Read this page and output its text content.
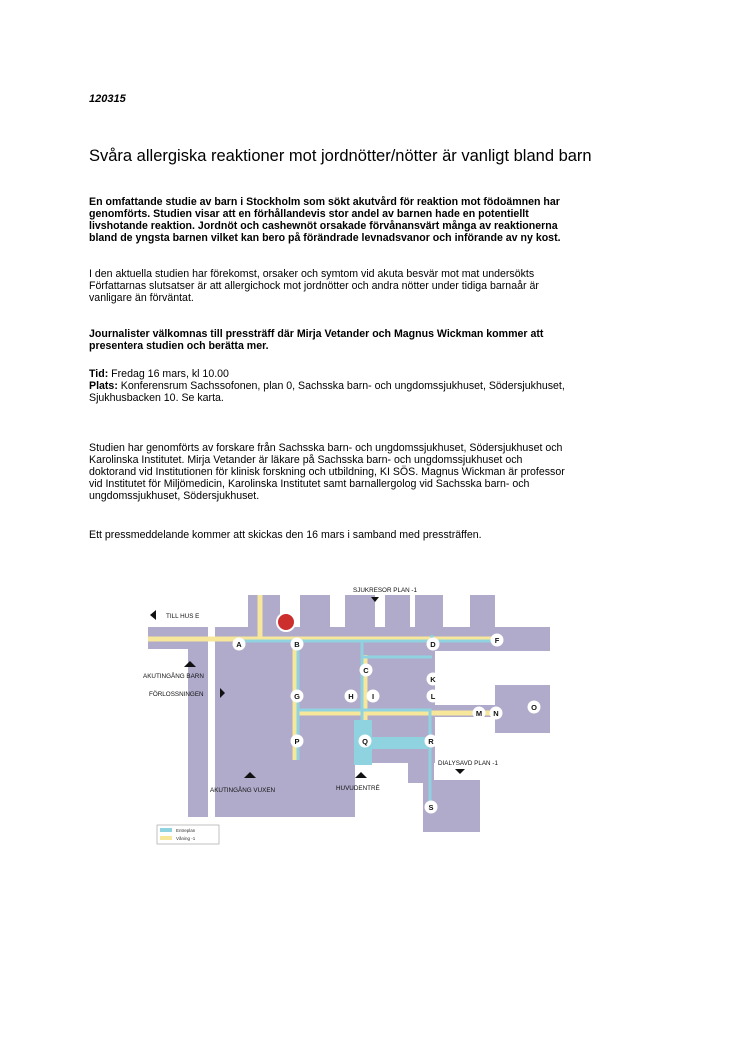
120315
Svåra allergiska reaktioner mot jordnötter/nötter är vanligt bland barn
En omfattande studie av barn i Stockholm som sökt akutvård för reaktion mot födoämnen har
genomförts. Studien visar att en förhållandevis stor andel av barnen hade en potentiellt
livshotande reaktion. Jordnöt och cashewnöt orsakade förvånansvärt många av reaktionerna
bland de yngsta barnen vilket kan bero på förändrade levnadsvanor och införande av ny kost.
I den aktuella studien har förekomst, orsaker och symtom vid akuta besvär mot mat undersökts
Författarnas slutsatser är att allergichock mot jordnötter och andra nötter under tidiga barnaår är
vanligare än förväntat.
Journalister välkomnas till pressträff där Mirja Vetander och Magnus Wickman kommer att
presentera studien och berätta mer.
Tid: Fredag 16 mars, kl 10.00
Plats: Konferensrum Sachssofonen, plan 0, Sachsska barn- och ungdomssjukhuset, Södersjukhuset,
Sjukhusbacken 10. Se karta.
Studien har genomförts av forskare från Sachsska barn- och ungdomssjukhuset, Södersjukhuset och
Karolinska Institutet. Mirja Vetander är läkare på Sachsska barn- och ungdomssjukhuset och
doktorand vid Institutionen för klinisk forskning och utbildning, KI SÖS. Magnus Wickman är professor
vid Institutet för Miljömedicin, Karolinska Institutet samt barnallergolog vid Sachsska barn- och
ungdomssjukhuset, Södersjukhuset.
Ett pressmeddelande kommer att skickas den 16 mars i samband med pressträffen.
A	B
C
D	F
G	H I
K
L
M N
O
P	Q	R
S
TILL HUS E
SJUKRESOR PLAN -1
AKUTINGÅNG BARN
FÖRLOSSNINGEN
DIALYSAVD PLAN -1
AKUTINGÅNG VUXEN	HUVUDENTRÉ
Entreplan
Våning -1
